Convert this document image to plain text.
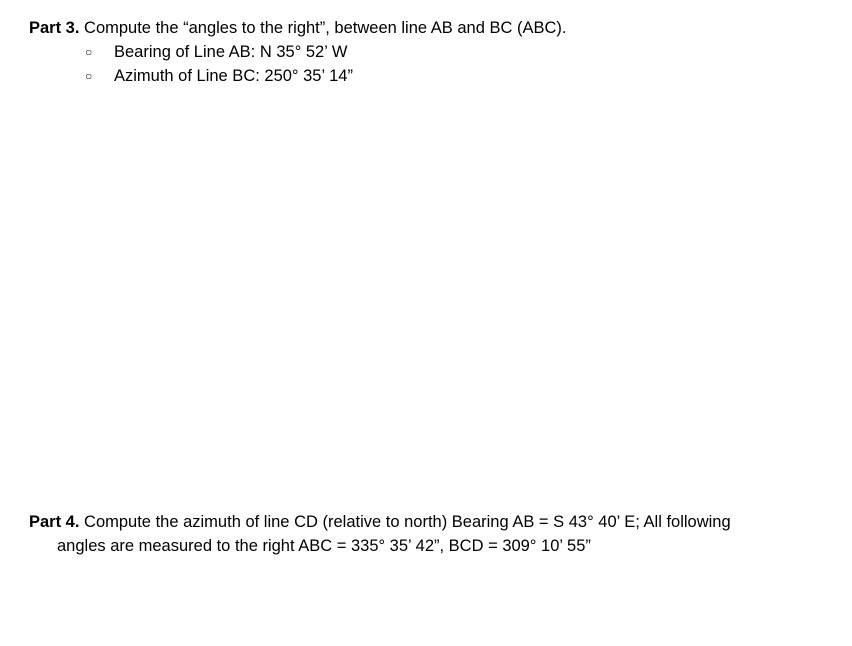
Part 3. Compute the “angles to the right”, between line AB and BC (ABC).
○ Bearing of Line AB: N 35° 52’ W
○ Azimuth of Line BC: 250° 35’ 14”
Part 4. Compute the azimuth of line CD (relative to north) Bearing AB = S 43° 40’ E; All following
angles are measured to the right ABC = 335° 35’ 42”, BCD = 309° 10’ 55”
